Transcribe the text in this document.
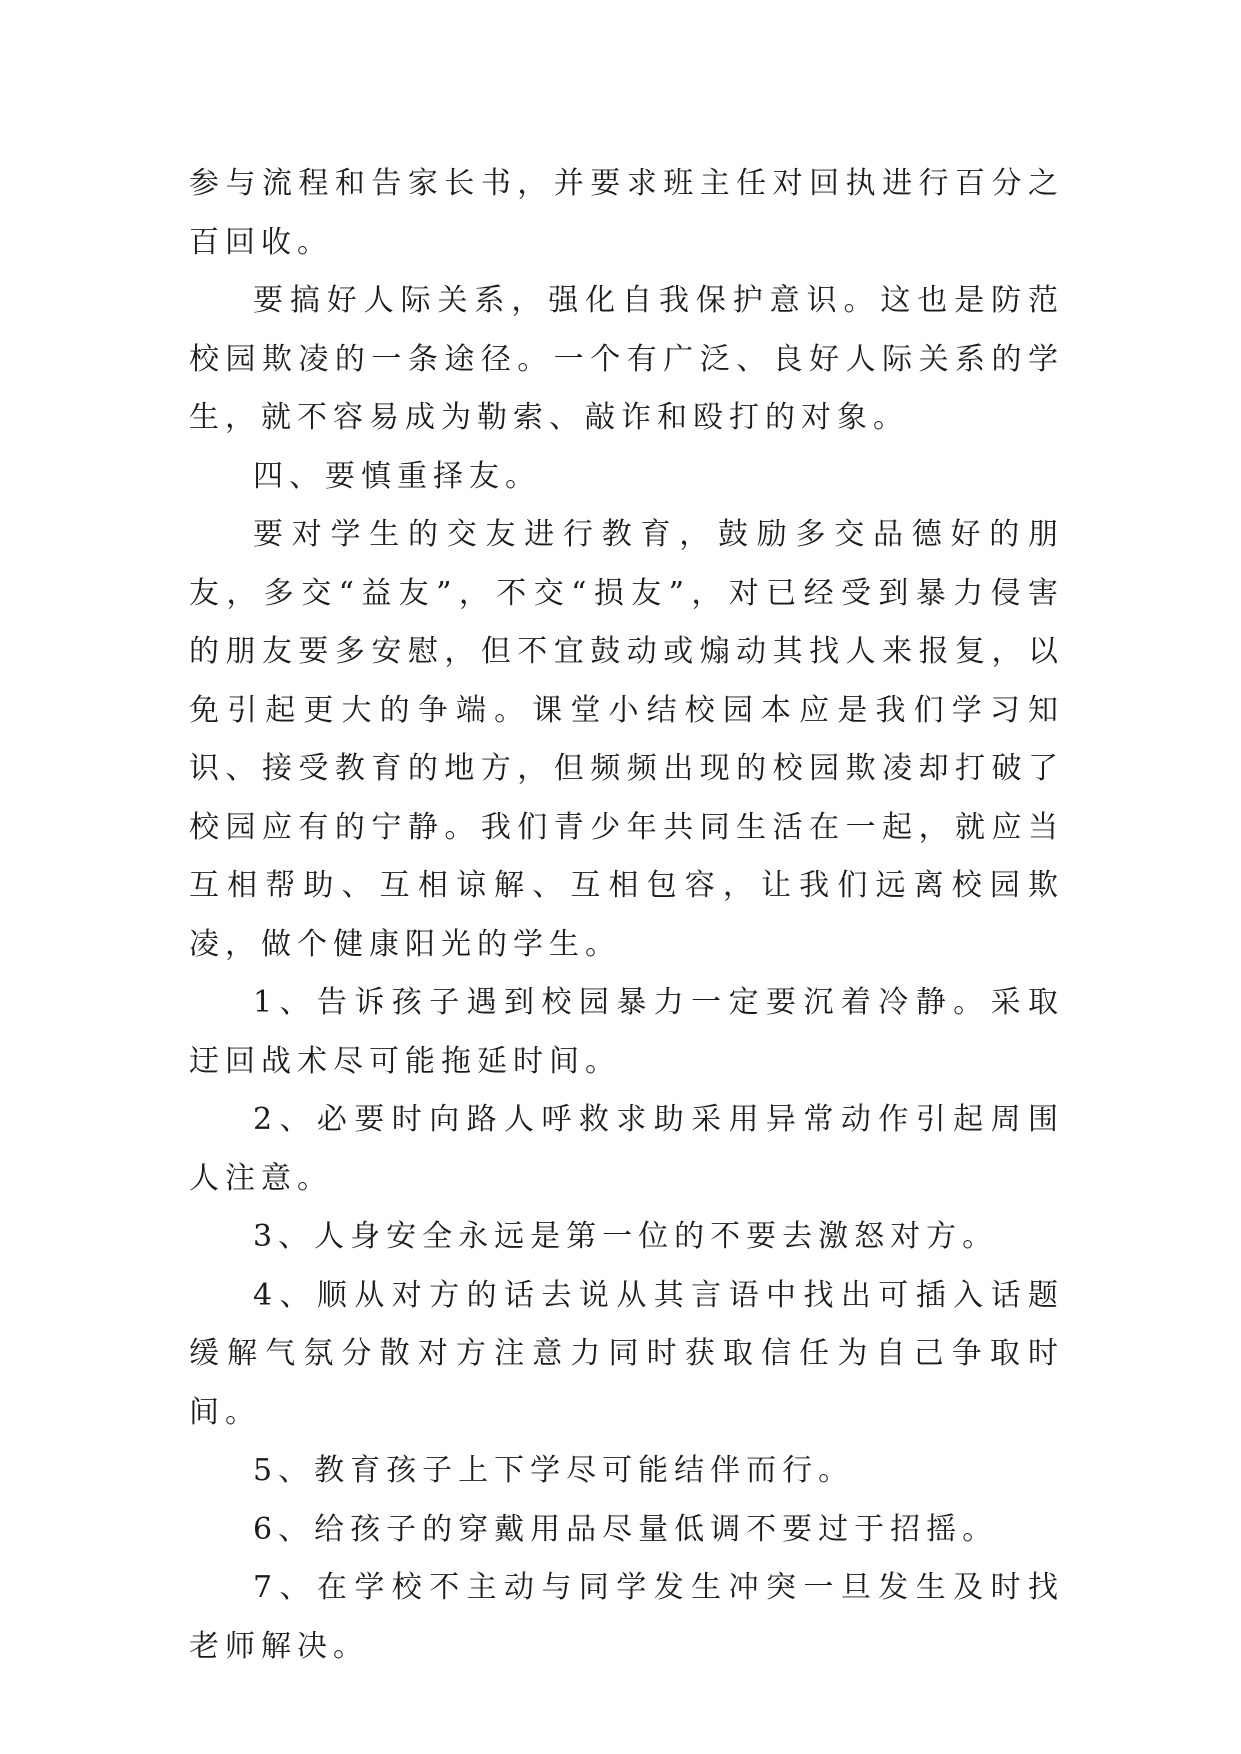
参与流程和告家长书，并要求班主任对回执进行百分之百回收。

要搞好人际关系，强化自我保护意识。这也是防范校园欺凌的一条途径。一个有广泛、良好人际关系的学生，就不容易成为勒索、敲诈和殴打的对象。

四、要慎重择友。

要对学生的交友进行教育，鼓励多交品德好的朋友，多交“益友”，不交“损友”，对已经受到暴力侵害的朋友要多安慰，但不宜鼓动或煽动其找人来报复，以免引起更大的争端。课堂小结校园本应是我们学习知识、接受教育的地方，但频频出现的校园欺凌却打破了校园应有的宁静。我们青少年共同生活在一起，就应当互相帮助、互相谅解、互相包容，让我们远离校园欺凌，做个健康阳光的学生。

1、告诉孩子遇到校园暴力一定要沉着冷静。采取迂回战术尽可能拖延时间。

2、必要时向路人呼救求助采用异常动作引起周围人注意。

3、人身安全永远是第一位的不要去激怒对方。

4、顺从对方的话去说从其言语中找出可插入话题缓解气氛分散对方注意力同时获取信任为自己争取时间。

5、教育孩子上下学尽可能结伴而行。

6、给孩子的穿戴用品尽量低调不要过于招摇。

7、在学校不主动与同学发生冲突一旦发生及时找老师解决。
